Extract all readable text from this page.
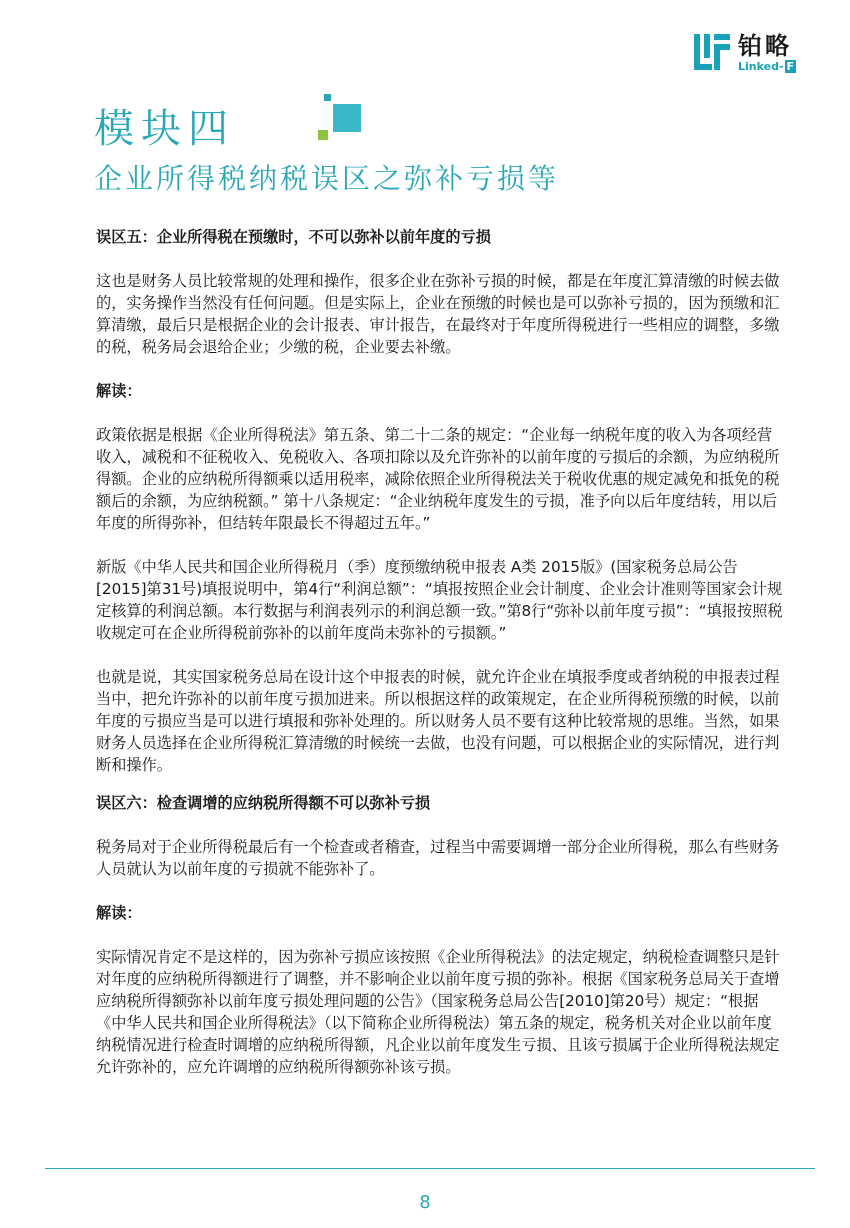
铂略
Linked- F
模块四
企业所得税纳税误区之弥补亏损等

误区五：企业所得税在预缴时，不可以弥补以前年度的亏损

这也是财务人员比较常规的处理和操作，很多企业在弥补亏损的时候，都是在年度汇算清缴的时候去做的，实务操作当然没有任何问题。但是实际上，企业在预缴的时候也是可以弥补亏损的，因为预缴和汇算清缴，最后只是根据企业的会计报表、审计报告，在最终对于年度所得税进行一些相应的调整，多缴的税，税务局会退给企业；少缴的税，企业要去补缴。

解读：

政策依据是根据《企业所得税法》第五条、第二十二条的规定：“企业每一纳税年度的收入为各项经营收入，减税和不征税收入、免税收入、各项扣除以及允许弥补的以前年度的亏损后的余额，为应纳税所得额。企业的应纳税所得额乘以适用税率，减除依照企业所得税法关于税收优惠的规定减免和抵免的税额后的余额，为应纳税额。” 第十八条规定：“企业纳税年度发生的亏损，准予向以后年度结转，用以后年度的所得弥补，但结转年限最长不得超过五年。”

新版《中华人民共和国企业所得税月（季）度预缴纳税申报表 A类 2015版》(国家税务总局公告[2015]第31号)填报说明中，第4行“利润总额”：“填报按照企业会计制度、企业会计准则等国家会计规定核算的利润总额。本行数据与利润表列示的利润总额一致。”第8行“弥补以前年度亏损”：“填报按照税收规定可在企业所得税前弥补的以前年度尚未弥补的亏损额。”

也就是说，其实国家税务总局在设计这个申报表的时候，就允许企业在填报季度或者纳税的申报表过程当中，把允许弥补的以前年度亏损加进来。所以根据这样的政策规定，在企业所得税预缴的时候，以前年度的亏损应当是可以进行填报和弥补处理的。所以财务人员不要有这种比较常规的思维。当然，如果财务人员选择在企业所得税汇算清缴的时候统一去做，也没有问题，可以根据企业的实际情况，进行判断和操作。

误区六：检查调增的应纳税所得额不可以弥补亏损

税务局对于企业所得税最后有一个检查或者稽查，过程当中需要调增一部分企业所得税，那么有些财务人员就认为以前年度的亏损就不能弥补了。

解读：

实际情况肯定不是这样的，因为弥补亏损应该按照《企业所得税法》的法定规定，纳税检查调整只是针对年度的应纳税所得额进行了调整，并不影响企业以前年度亏损的弥补。根据《国家税务总局关于查增应纳税所得额弥补以前年度亏损处理问题的公告》（国家税务总局公告[2010]第20号）规定：“根据《中华人民共和国企业所得税法》（以下简称企业所得税法）第五条的规定，税务机关对企业以前年度纳税情况进行检查时调增的应纳税所得额，凡企业以前年度发生亏损、且该亏损属于企业所得税法规定允许弥补的，应允许调增的应纳税所得额弥补该亏损。

8
